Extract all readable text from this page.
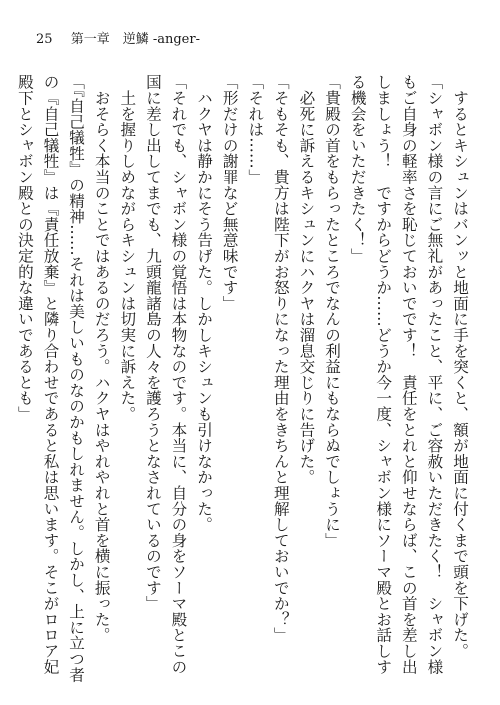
25 第一章　逆鱗 -anger-

　するとキシュンはバンッと地面に手を突くと、額が地面に付くまで頭を下げた。

「シャボン様の言にご無礼があったこと、平に、ご容赦いただきたく！　シャボン様もご自身の軽率さを恥じておいでです！　責任をとれと仰せならば、この首を差し出しましょう！　ですからどうか……どうか今一度、シャボン様にソーマ殿とお話しする機会をいただきたく！」

「貴殿の首をもらったところでなんの利益にもならぬでしょうに」

　必死に訴えるキシュンにハクヤは溜息交じりに告げた。

「そもそも、貴方は陛下がお怒りになった理由をきちんと理解しておいでか？」

「それは……」

「形だけの謝罪など無意味です」

　ハクヤは静かにそう告げた。しかしキシュンも引けなかった。

「それでも、シャボン様の覚悟は本物なのです。本当に、自分の身をソーマ殿とこの国に差し出してまでも、九頭龍諸島の人々を護ろうとなされているのです」

　土を握りしめながらキシュンは切実に訴えた。

　おそらく本当のことではあるのだろう。ハクヤはやれやれと首を横に振った。

「『自己犠牲』の精神……それは美しいものなのかもしれません。しかし、上に立つ者の『自己犠牲』は『責任放棄』と隣り合わせであると私は思います。そこがロロア妃殿下とシャボン殿との決定的な違いであるとも」
